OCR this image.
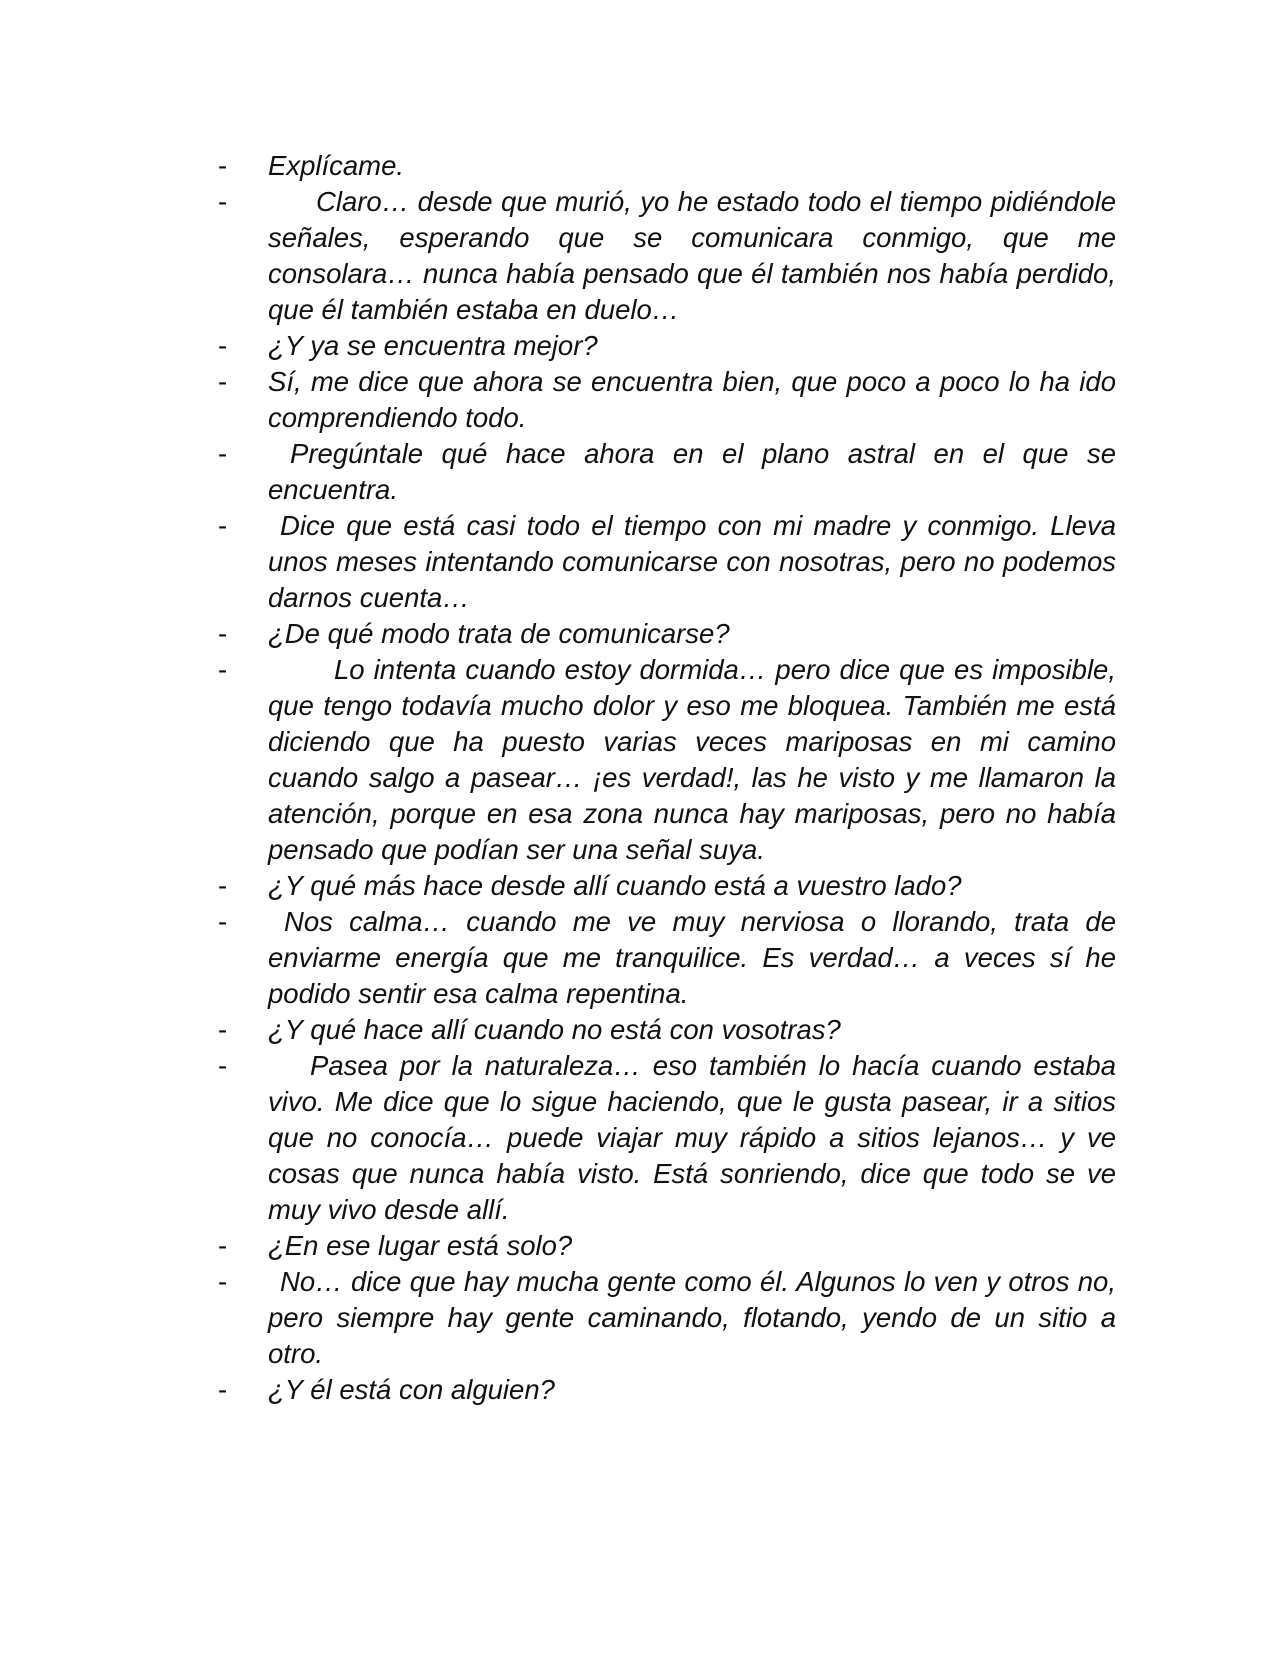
-	Explícame.
-	Claro… desde que murió, yo he estado todo el tiempo pidiéndole señales, esperando que se comunicara conmigo, que me consolara… nunca había pensado que él también nos había perdido, que él también estaba en duelo…
-	¿Y ya se encuentra mejor?
-	Sí, me dice que ahora se encuentra bien, que poco a poco lo ha ido comprendiendo todo.
-	Pregúntale qué hace ahora en el plano astral en el que se encuentra.
-	Dice que está casi todo el tiempo con mi madre y conmigo. Lleva unos meses intentando comunicarse con nosotras, pero no podemos darnos cuenta…
-	¿De qué modo trata de comunicarse?
-	Lo intenta cuando estoy dormida… pero dice que es imposible, que tengo todavía mucho dolor y eso me bloquea. También me está diciendo que ha puesto varias veces mariposas en mi camino cuando salgo a pasear… ¡es verdad!, las he visto y me llamaron la atención, porque en esa zona nunca hay mariposas, pero no había pensado que podían ser una señal suya.
-	¿Y qué más hace desde allí cuando está a vuestro lado?
-	Nos calma… cuando me ve muy nerviosa o llorando, trata de enviarme energía que me tranquilice. Es verdad… a veces sí he podido sentir esa calma repentina.
-	¿Y qué hace allí cuando no está con vosotras?
-	Pasea por la naturaleza… eso también lo hacía cuando estaba vivo. Me dice que lo sigue haciendo, que le gusta pasear, ir a sitios que no conocía… puede viajar muy rápido a sitios lejanos… y ve cosas que nunca había visto. Está sonriendo, dice que todo se ve muy vivo desde allí.
-	¿En ese lugar está solo?
-	No… dice que hay mucha gente como él. Algunos lo ven y otros no, pero siempre hay gente caminando, flotando, yendo de un sitio a otro.
-	¿Y él está con alguien?
